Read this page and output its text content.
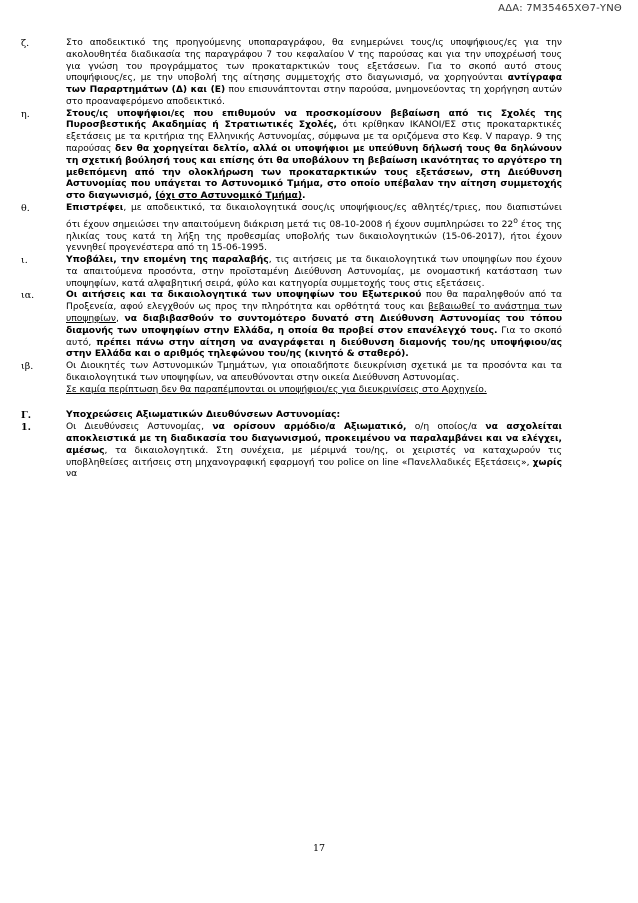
ΑΔΑ: 7Μ35465ΧΘ7-ΥΝΘ

ζ.	Στο αποδεικτικό της προηγούμενης υποπαραγράφου, θα ενημερώνει τους/ις υποψήφιους/ες για την ακολουθητέα διαδικασία της παραγράφου 7 του κεφαλαίου V της παρούσας και για την υποχρέωσή τους για γνώση του προγράμματος των προκαταρκτικών τους εξετάσεων. Για το σκοπό αυτό στους υποψήφιους/ες, με την υποβολή της αίτησης συμμετοχής στο διαγωνισμό, να χορηγούνται αντίγραφα των Παραρτημάτων (Δ) και (Ε) που επισυνάπτονται στην παρούσα, μνημονεύοντας τη χορήγηση αυτών στο προαναφερόμενο αποδεικτικό.

η.	Στους/ις υποψήφιοι/ες που επιθυμούν να προσκομίσουν βεβαίωση από τις Σχολές της Πυροσβεστικής Ακαδημίας ή Στρατιωτικές Σχολές, ότι κρίθηκαν ΙΚΑΝΟΙ/ΕΣ στις προκαταρκτικές εξετάσεις με τα κριτήρια της Ελληνικής Αστυνομίας, σύμφωνα με τα οριζόμενα στο Κεφ. V παραγρ. 9 της παρούσας δεν θα χορηγείται δελτίο, αλλά οι υποψήφιοι με υπεύθυνη δήλωσή τους θα δηλώνουν τη σχετική βούλησή τους και επίσης ότι θα υποβάλουν τη βεβαίωση ικανότητας το αργότερο τη μεθεπόμενη από την ολοκλήρωση των προκαταρκτικών τους εξετάσεων, στη Διεύθυνση Αστυνομίας που υπάγεται το Αστυνομικό Τμήμα, στο οποίο υπέβαλαν την αίτηση συμμετοχής στο διαγωνισμό, (όχι στο Αστυνομικό Τμήμα).

θ.	Επιστρέφει, με αποδεικτικό, τα δικαιολογητικά σους/ις υποψήφιους/ες αθλητές/τριες, που διαπιστώνει ότι έχουν σημειώσει την απαιτούμενη διάκριση μετά τις 08-10-2008 ή έχουν συμπληρώσει το $22^o$ έτος της ηλικίας τους κατά τη λήξη της προθεσμίας υποβολής των δικαιολογητικών (15-06-2017), ήτοι έχουν γεννηθεί προγενέστερα από τη 15-06-1995.

ι.	Υποβάλει, την επομένη της παραλαβής, τις αιτήσεις με τα δικαιολογητικά των υποψηφίων που έχουν τα απαιτούμενα προσόντα, στην προϊσταμένη Διεύθυνση Αστυνομίας, με ονομαστική κατάσταση των υποψηφίων, κατά αλφαβητική σειρά, φύλο και κατηγορία συμμετοχής τους στις εξετάσεις.

ια.	Οι αιτήσεις και τα δικαιολογητικά των υποψηφίων του Εξωτερικού που θα παραληφθούν από τα Προξενεία, αφού ελεγχθούν ως προς την πληρότητα και ορθότητά τους και βεβαιωθεί το ανάστημα των υποψηφίων, να διαβιβασθούν το συντομότερο δυνατό στη Διεύθυνση Αστυνομίας του τόπου διαμονής των υποψηφίων στην Ελλάδα, η οποία θα προβεί στον επανέλεγχό τους. Για το σκοπό αυτό, πρέπει πάνω στην αίτηση να αναγράφεται η διεύθυνση διαμονής του/ης υποψήφιου/ας στην Ελλάδα και ο αριθμός τηλεφώνου του/ης (κινητό & σταθερό).

ιβ.	Οι Διοικητές των Αστυνομικών Τμημάτων, για οποιαδήποτε διευκρίνιση σχετικά με τα προσόντα και τα δικαιολογητικά των υποψηφίων, να απευθύνονται στην οικεία Διεύθυνση Αστυνομίας.
Σε καμία περίπτωση δεν θα παραπέμπονται οι υποψήφιοι/ες για διευκρινίσεις στο Αρχηγείο.

Γ.	Υποχρεώσεις Αξιωματικών Διευθύνσεων Αστυνομίας:

1.	Οι Διευθύνσεις Αστυνομίας, να ορίσουν αρμόδιο/α Αξιωματικό, ο/η οποίος/α να ασχολείται αποκλειστικά με τη διαδικασία του διαγωνισμού, προκειμένου να παραλαμβάνει και να ελέγχει, αμέσως, τα δικαιολογητικά. Στη συνέχεια, με μέριμνά του/ης, οι χειριστές να καταχωρούν τις υποβληθείσες αιτήσεις στη μηχανογραφική εφαρμογή του police on line «Πανελλαδικές Εξετάσεις», χωρίς να

17
